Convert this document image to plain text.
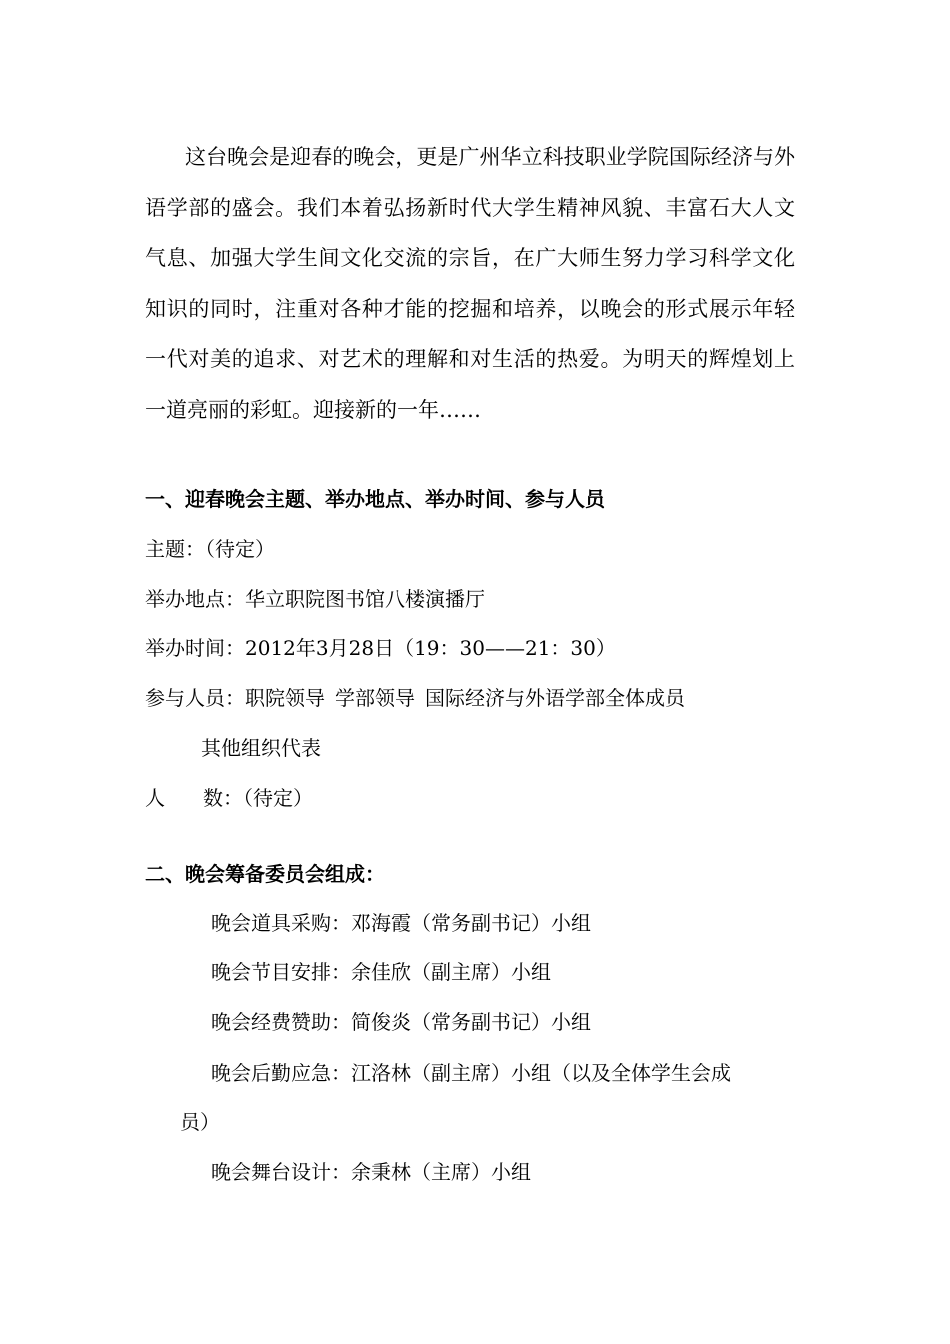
这台晚会是迎春的晚会，更是广州华立科技职业学院国际经济与外语学部的盛会。我们本着弘扬新时代大学生精神风貌、丰富石大人文气息、加强大学生间文化交流的宗旨，在广大师生努力学习科学文化知识的同时，注重对各种才能的挖掘和培养，以晚会的形式展示年轻一代对美的追求、对艺术的理解和对生活的热爱。为明天的辉煌划上一道亮丽的彩虹。迎接新的一年……

一、迎春晚会主题、举办地点、举办时间、参与人员

主题：（待定）

举办地点：华立职院图书馆八楼演播厅

举办时间：2012年3月28日（19：30——21：30）

参与人员：职院领导 学部领导 国际经济与外语学部全体成员

其他组织代表

人 数：（待定）

二、晚会筹备委员会组成：

晚会道具采购：邓海霞（常务副书记）小组

晚会节目安排：余佳欣（副主席）小组

晚会经费赞助：简俊炎（常务副书记）小组

晚会后勤应急：江洛林（副主席）小组（以及全体学生会成

员）

晚会舞台设计：余秉林（主席）小组
